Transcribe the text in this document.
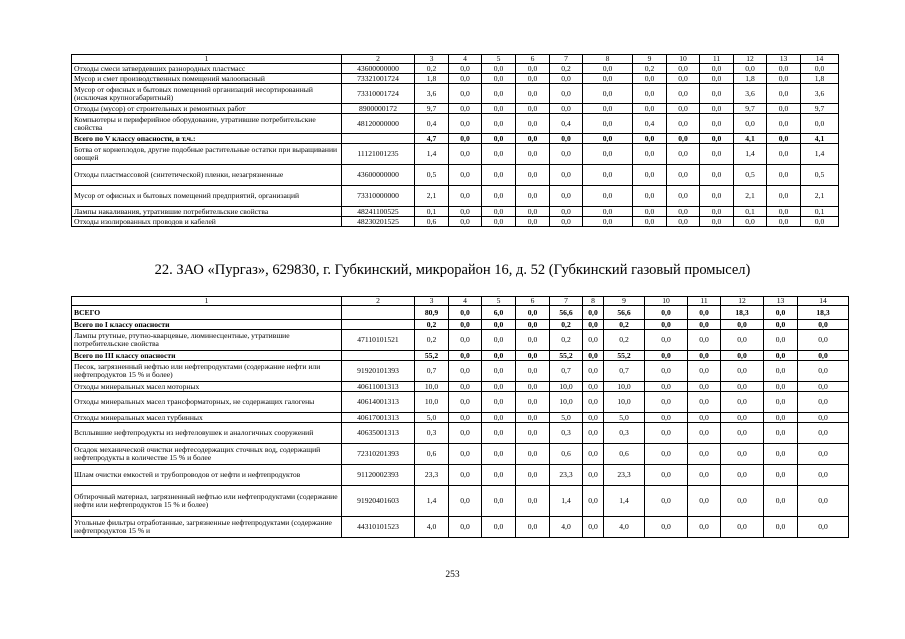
1	2	3	4	5	6	7	8	9	10	11	12	13	14
Отходы смеси затвердевших разнородных пластмасс	43600000000	0,2	0,0	0,0	0,0	0,2	0,0	0,2	0,0	0,0	0,0	0,0	0,0
Мусор и смет производственных помещений малоопасный	73321001724	1,8	0,0	0,0	0,0	0,0	0,0	0,0	0,0	0,0	1,8	0,0	1,8
Мусор от офисных и бытовых помещений организаций несортированный (исключая крупногабаритный)	73310001724	3,6	0,0	0,0	0,0	0,0	0,0	0,0	0,0	0,0	3,6	0,0	3,6
Отходы (мусор) от строительных и ремонтных работ	8900000172	9,7	0,0	0,0	0,0	0,0	0,0	0,0	0,0	0,0	9,7	0,0	9,7
Компьютеры и периферийное оборудование, утратившие потребительские свойства	48120000000	0,4	0,0	0,0	0,0	0,4	0,0	0,4	0,0	0,0	0,0	0,0	0,0
Всего по V классу опасности, в т.ч.:		4,7	0,0	0,0	0,0	0,0	0,0	0,0	0,0	0,0	4,1	0,0	4,1
Ботва от корнеплодов, другие подобные растительные остатки при выращивании овощей	11121001235	1,4	0,0	0,0	0,0	0,0	0,0	0,0	0,0	0,0	1,4	0,0	1,4
Отходы пластмассовой (синтетической) пленки, незагрязненные	43600000000	0,5	0,0	0,0	0,0	0,0	0,0	0,0	0,0	0,0	0,5	0,0	0,5
Мусор от офисных и бытовых помещений предприятий, организаций	73310000000	2,1	0,0	0,0	0,0	0,0	0,0	0,0	0,0	0,0	2,1	0,0	2,1
Лампы накаливания, утратившие потребительские свойства	48241100525	0,1	0,0	0,0	0,0	0,0	0,0	0,0	0,0	0,0	0,1	0,0	0,1
Отходы изолированных проводов и кабелей	48230201525	0,6	0,0	0,0	0,0	0,0	0,0	0,0	0,0	0,0	0,0	0,0	0,0
22. ЗАО «Пургаз», 629830, г. Губкинский, микрорайон 16, д. 52 (Губкинский газовый промысел)
1	2	3	4	5	6	7	8	9	10	11	12	13	14
ВСЕГО		80,9	0,0	6,0	0,0	56,6	0,0	56,6	0,0	0,0	18,3	0,0	18,3
Всего по I классу опасности		0,2	0,0	0,0	0,0	0,2	0,0	0,2	0,0	0,0	0,0	0,0	0,0
Лампы ртутные, ртутно-кварцевые, люминесцентные, утратившие потребительские свойства	47110101521	0,2	0,0	0,0	0,0	0,2	0,0	0,2	0,0	0,0	0,0	0,0	0,0
Всего по III классу опасности		55,2	0,0	0,0	0,0	55,2	0,0	55,2	0,0	0,0	0,0	0,0	0,0
Песок, загрязненный нефтью или нефтепродуктами (содержание нефти или нефтепродуктов 15 % и более)	91920101393	0,7	0,0	0,0	0,0	0,7	0,0	0,7	0,0	0,0	0,0	0,0	0,0
Отходы минеральных масел моторных	40611001313	10,0	0,0	0,0	0,0	10,0	0,0	10,0	0,0	0,0	0,0	0,0	0,0
Отходы минеральных масел трансформаторных, не содержащих галогены	40614001313	10,0	0,0	0,0	0,0	10,0	0,0	10,0	0,0	0,0	0,0	0,0	0,0
Отходы минеральных масел турбинных	40617001313	5,0	0,0	0,0	0,0	5,0	0,0	5,0	0,0	0,0	0,0	0,0	0,0
Всплывшие нефтепродукты из нефтеловушек и аналогичных сооружений	40635001313	0,3	0,0	0,0	0,0	0,3	0,0	0,3	0,0	0,0	0,0	0,0	0,0
Осадок механической очистки нефтесодержащих сточных вод, содержащий нефтепродукты в количестве 15 % и более	72310201393	0,6	0,0	0,0	0,0	0,6	0,0	0,6	0,0	0,0	0,0	0,0	0,0
Шлам очистки емкостей и трубопроводов от нефти и нефтепродуктов	91120002393	23,3	0,0	0,0	0,0	23,3	0,0	23,3	0,0	0,0	0,0	0,0	0,0
Обтирочный материал, загрязненный нефтью или нефтепродуктами (содержание нефти или нефтепродуктов 15 % и более)	91920401603	1,4	0,0	0,0	0,0	1,4	0,0	1,4	0,0	0,0	0,0	0,0	0,0
Угольные фильтры отработанные, загрязненные нефтепродуктами (содержание нефтепродуктов 15 % и	44310101523	4,0	0,0	0,0	0,0	4,0	0,0	4,0	0,0	0,0	0,0	0,0	0,0
253
